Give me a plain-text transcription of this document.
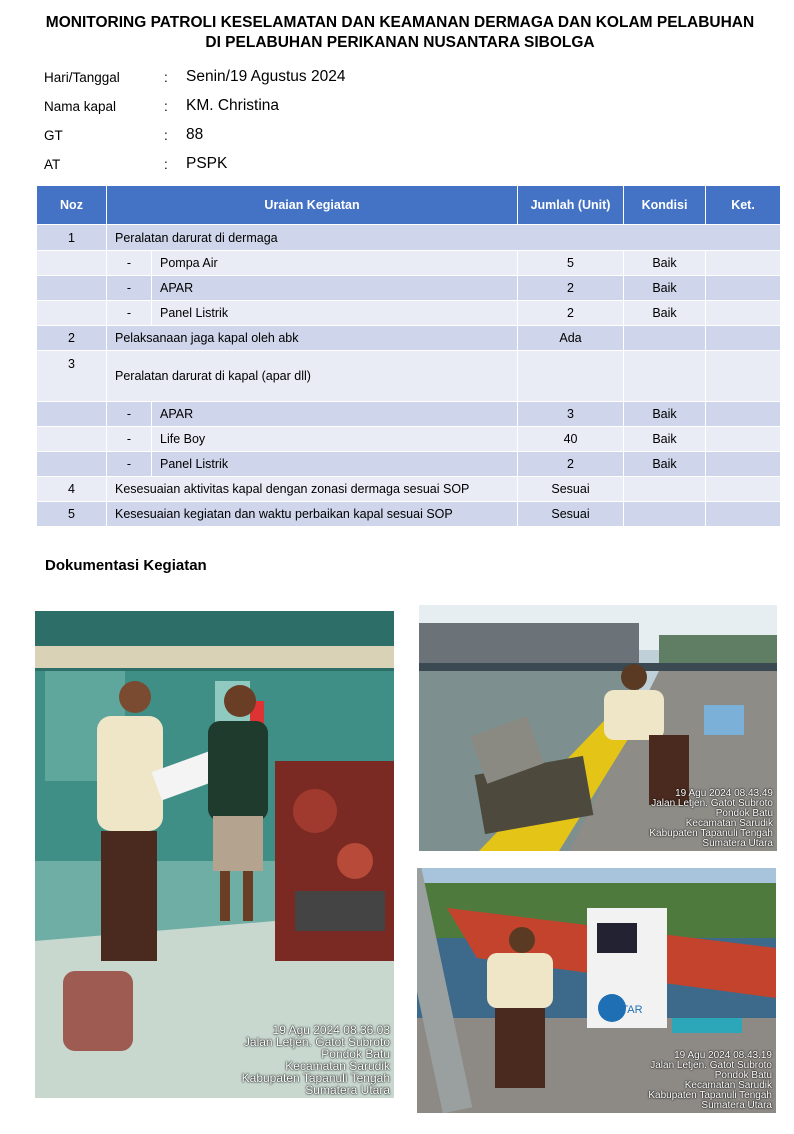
MONITORING PATROLI KESELAMATAN DAN KEAMANAN DERMAGA DAN KOLAM PELABUHAN
DI PELABUHAN PERIKANAN NUSANTARA SIBOLGA
Hari/Tanggal	: Senin/19 Agustus 2024
Nama kapal	: KM. Christina
GT	: 88
AT	: PSPK
Noz	Uraian Kegiatan		Jumlah (Unit)	Kondisi	Ket.
1	Peralatan darurat di dermaga				
	-	Pompa Air	5	Baik	
	-	APAR	2	Baik	
	-	Panel Listrik	2	Baik	
2	Pelaksanaan jaga kapal oleh abk		Ada		
3	Peralatan darurat di kapal (apar dll)				
	-	APAR	3	Baik	
	-	Life Boy	40	Baik	
	-	Panel Listrik	2	Baik	
4	Kesesuaian aktivitas kapal dengan zonasi dermaga sesuai SOP		Sesuai		
5	Kesesuaian kegiatan dan waktu perbaikan kapal sesuai SOP		Sesuai		
Dokumentasi Kegiatan
19 Agu 2024 08.36.03
Jalan Letjen. Gatot Subroto
Pondok Batu
Kecamatan Sarudik
Kabupaten Tapanuli Tengah
Sumatera Utara
19 Agu 2024 08.43.49
Jalan Letjen. Gatot Subroto
Pondok Batu
Kecamatan Sarudik
Kabupaten Tapanuli Tengah
Sumatera Utara
STAR
19 Agu 2024 08.43.19
Jalan Letjen. Gatot Subroto
Pondok Batu
Kecamatan Sarudik
Kabupaten Tapanuli Tengah
Sumatera Utara
